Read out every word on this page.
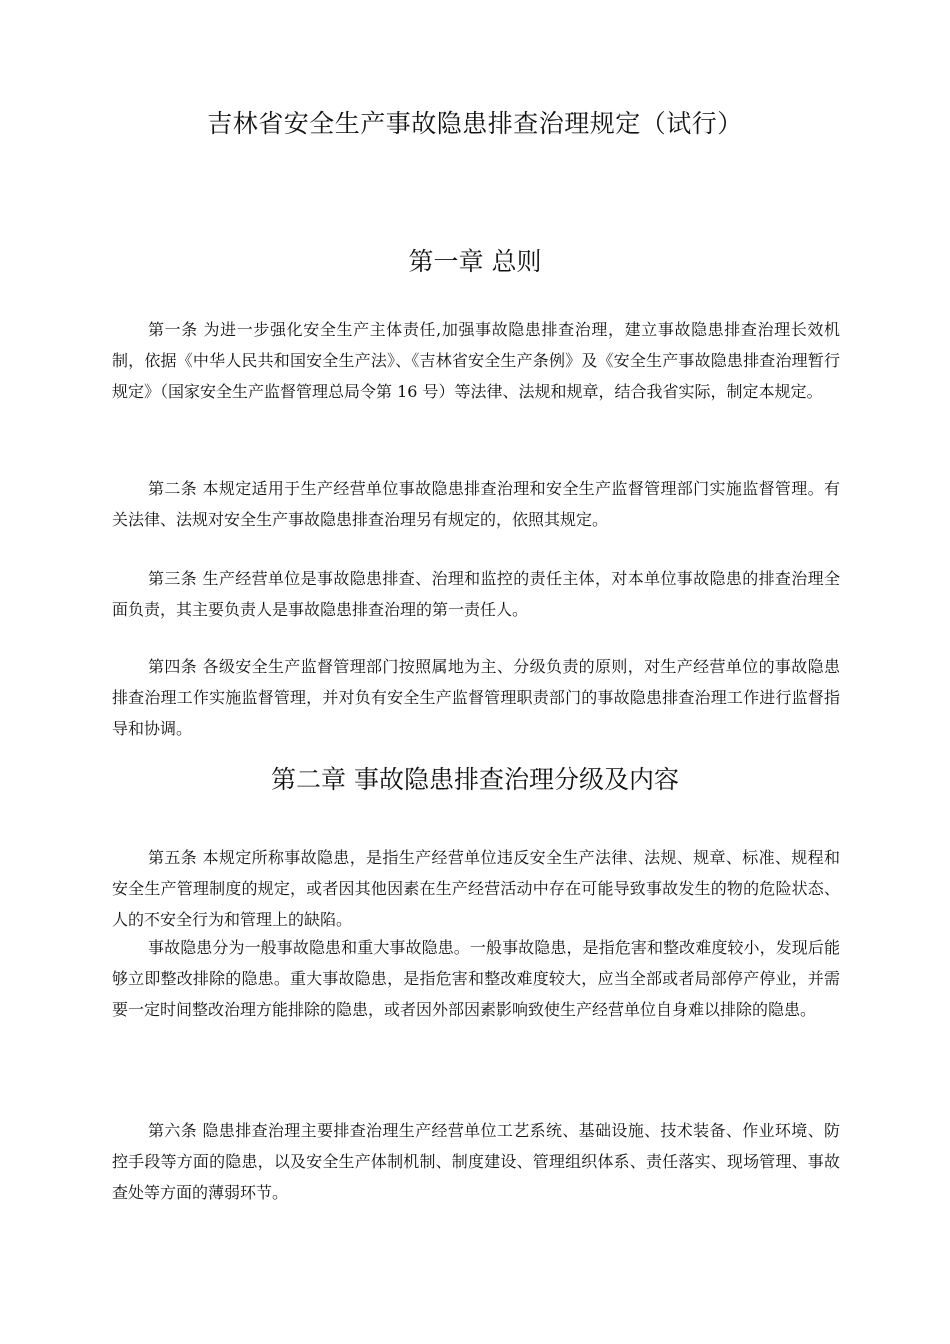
吉林省安全生产事故隐患排查治理规定（试行）
第一章 总则

第一条 为进一步强化安全生产主体责任,加强事故隐患排查治理，建立事故隐患排查治理长效机制，依据《中华人民共和国安全生产法》、《吉林省安全生产条例》及《安全生产事故隐患排查治理暂行规定》（国家安全生产监督管理总局令第 16 号）等法律、法规和规章，结合我省实际，制定本规定。

第二条 本规定适用于生产经营单位事故隐患排查治理和安全生产监督管理部门实施监督管理。有关法律、法规对安全生产事故隐患排查治理另有规定的，依照其规定。

第三条 生产经营单位是事故隐患排查、治理和监控的责任主体，对本单位事故隐患的排查治理全面负责，其主要负责人是事故隐患排查治理的第一责任人。

第四条 各级安全生产监督管理部门按照属地为主、分级负责的原则，对生产经营单位的事故隐患排查治理工作实施监督管理，并对负有安全生产监督管理职责部门的事故隐患排查治理工作进行监督指导和协调。

第二章 事故隐患排查治理分级及内容

第五条 本规定所称事故隐患，是指生产经营单位违反安全生产法律、法规、规章、标准、规程和安全生产管理制度的规定，或者因其他因素在生产经营活动中存在可能导致事故发生的物的危险状态、人的不安全行为和管理上的缺陷。

事故隐患分为一般事故隐患和重大事故隐患。一般事故隐患，是指危害和整改难度较小，发现后能够立即整改排除的隐患。重大事故隐患，是指危害和整改难度较大，应当全部或者局部停产停业，并需要一定时间整改治理方能排除的隐患，或者因外部因素影响致使生产经营单位自身难以排除的隐患。

第六条 隐患排查治理主要排查治理生产经营单位工艺系统、基础设施、技术装备、作业环境、防控手段等方面的隐患，以及安全生产体制机制、制度建设、管理组织体系、责任落实、现场管理、事故查处等方面的薄弱环节。
